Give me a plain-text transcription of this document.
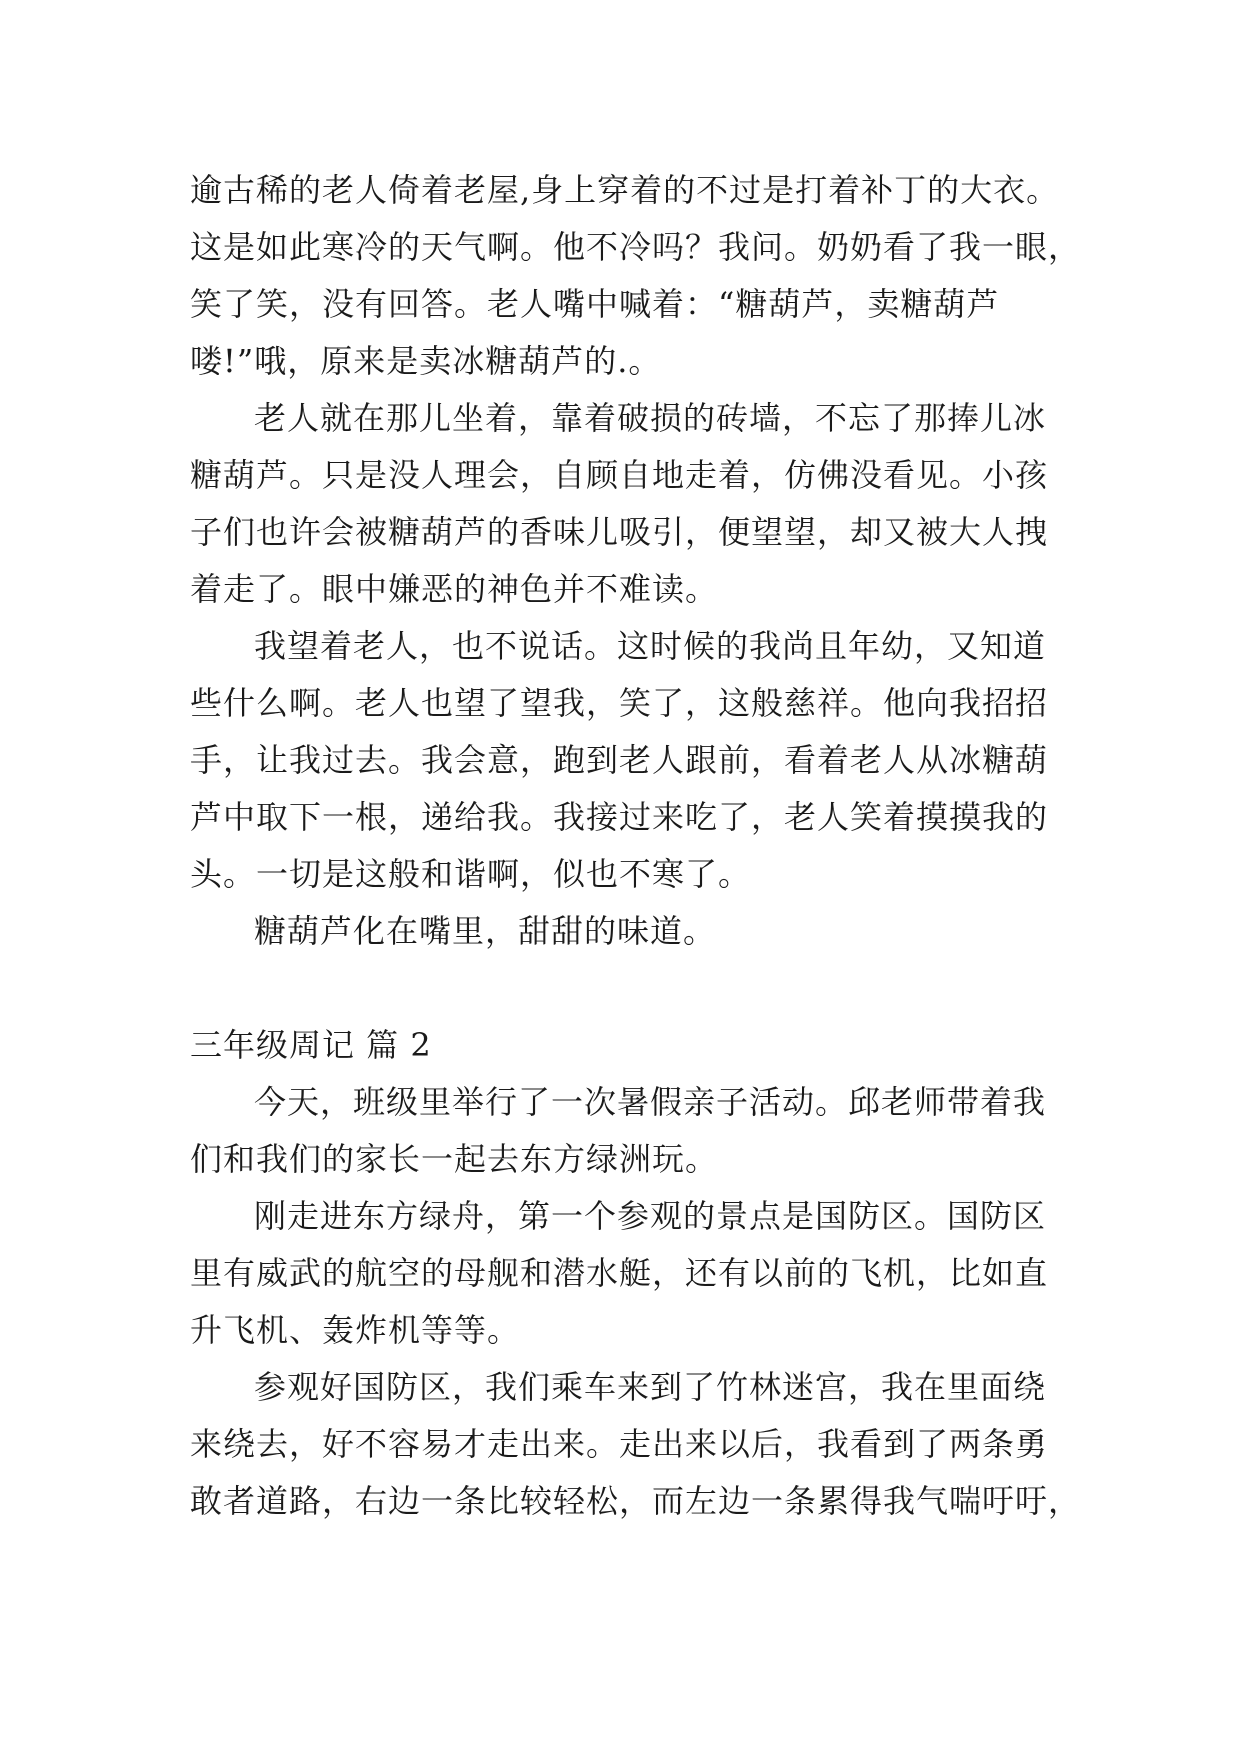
逾古稀的老人倚着老屋,身上穿着的不过是打着补丁的大衣。
这是如此寒冷的天气啊。他不冷吗？我问。奶奶看了我一眼，
笑了笑，没有回答。老人嘴中喊着：“糖葫芦，卖糖葫芦
喽!”哦，原来是卖冰糖葫芦的.。
老人就在那儿坐着，靠着破损的砖墙，不忘了那捧儿冰
糖葫芦。只是没人理会，自顾自地走着，仿佛没看见。小孩
子们也许会被糖葫芦的香味儿吸引，便望望，却又被大人拽
着走了。眼中嫌恶的神色并不难读。
我望着老人，也不说话。这时候的我尚且年幼，又知道
些什么啊。老人也望了望我，笑了，这般慈祥。他向我招招
手，让我过去。我会意，跑到老人跟前，看着老人从冰糖葫
芦中取下一根，递给我。我接过来吃了，老人笑着摸摸我的
头。一切是这般和谐啊，似也不寒了。
糖葫芦化在嘴里，甜甜的味道。
三年级周记 篇 2
今天，班级里举行了一次暑假亲子活动。邱老师带着我
们和我们的家长一起去东方绿洲玩。
刚走进东方绿舟，第一个参观的景点是国防区。国防区
里有威武的航空的母舰和潜水艇，还有以前的飞机，比如直
升飞机、轰炸机等等。
参观好国防区，我们乘车来到了竹林迷宫，我在里面绕
来绕去，好不容易才走出来。走出来以后，我看到了两条勇
敢者道路，右边一条比较轻松，而左边一条累得我气喘吁吁，
